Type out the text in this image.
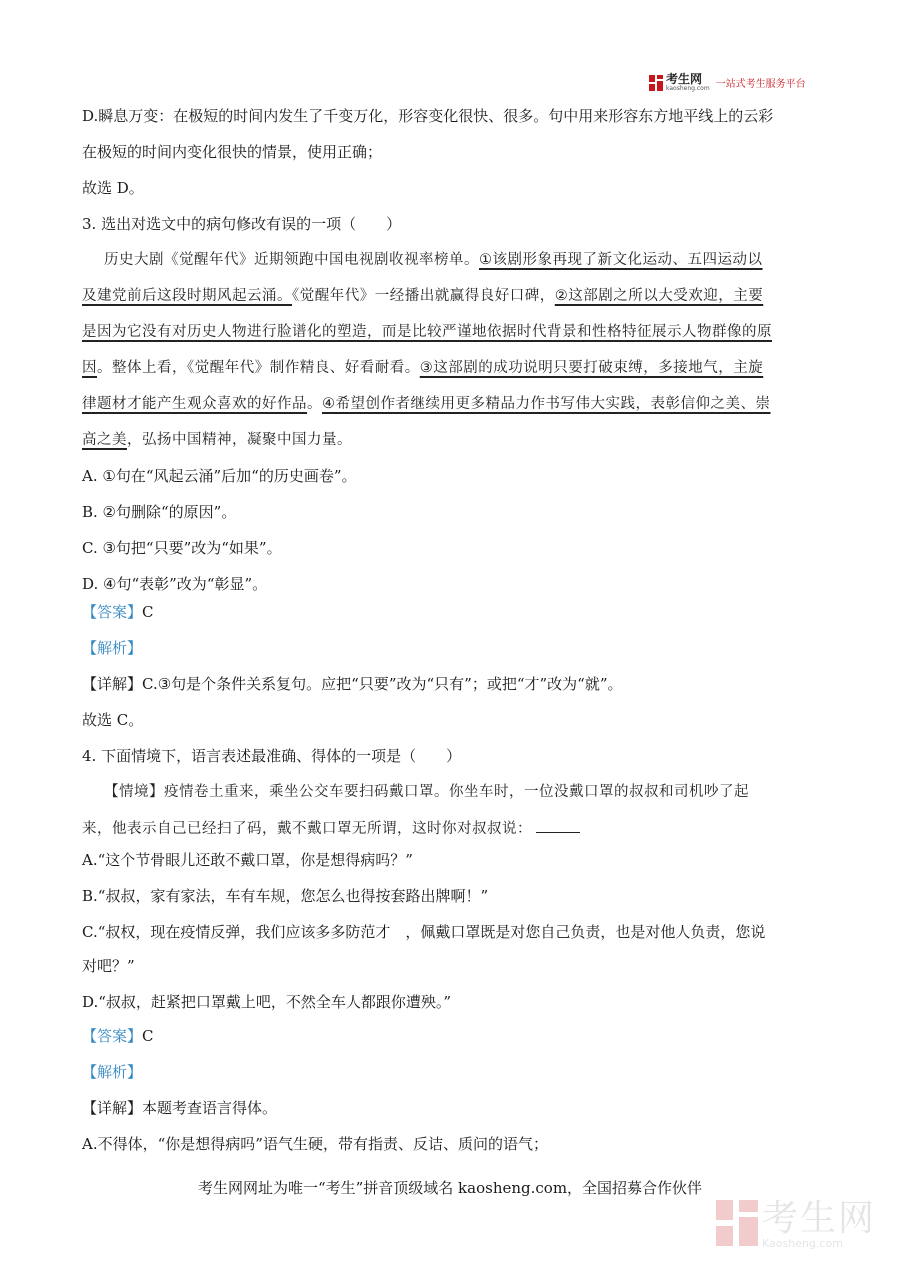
考生网
kaosheng.com 一站式考生服务平台
D.瞬息万变：在极短的时间内发生了千变万化，形容变化很快、很多。句中用来形容东方地平线上的云彩
在极短的时间内变化很快的情景，使用正确；
故选 D。
3. 选出对选文中的病句修改有误的一项（　　）
历史大剧《觉醒年代》近期领跑中国电视剧收视率榜单。①该剧形象再现了新文化运动、五四运动以
及建党前后这段时期风起云涌。《觉醒年代》一经播出就赢得良好口碑，②这部剧之所以大受欢迎，主要
是因为它没有对历史人物进行脸谱化的塑造，而是比较严谨地依据时代背景和性格特征展示人物群像的原
因。整体上看，《觉醒年代》制作精良、好看耐看。③这部剧的成功说明只要打破束缚，多接地气，主旋
律题材才能产生观众喜欢的好作品。④希望创作者继续用更多精品力作书写伟大实践，表彰信仰之美、崇
高之美，弘扬中国精神，凝聚中国力量。
A. ①句在“风起云涌”后加“的历史画卷”。
B. ②句删除“的原因”。
C. ③句把“只要”改为“如果”。
D. ④句“表彰”改为“彰显”。
【答案】C
【解析】
【详解】C.③句是个条件关系复句。应把“只要”改为“只有”；或把“才”改为“就”。
故选 C。
4. 下面情境下，语言表述最准确、得体的一项是（　　）
【情境】疫情卷土重来，乘坐公交车要扫码戴口罩。你坐车时，一位没戴口罩的叔叔和司机吵了起
来，他表示自己已经扫了码，戴不戴口罩无所谓，这时你对叔叔说：
A.“这个节骨眼儿还敢不戴口罩，你是想得病吗？”
B.“叔叔，家有家法，车有车规，您怎么也得按套路出牌啊！”
C.“叔权，现在疫情反弹，我们应该多多防范才　，佩戴口罩既是对您自己负责，也是对他人负责，您说
对吧？”
D.“叔叔，赶紧把口罩戴上吧，不然全车人都跟你遭殃。”
【答案】C
【解析】
【详解】本题考查语言得体。
A.不得体，“你是想得病吗”语气生硬，带有指责、反诘、质问的语气；
考生网网址为唯一“考生”拼音顶级域名 kaosheng.com，全国招募合作伙伴
考生网
Kaosheng.com
